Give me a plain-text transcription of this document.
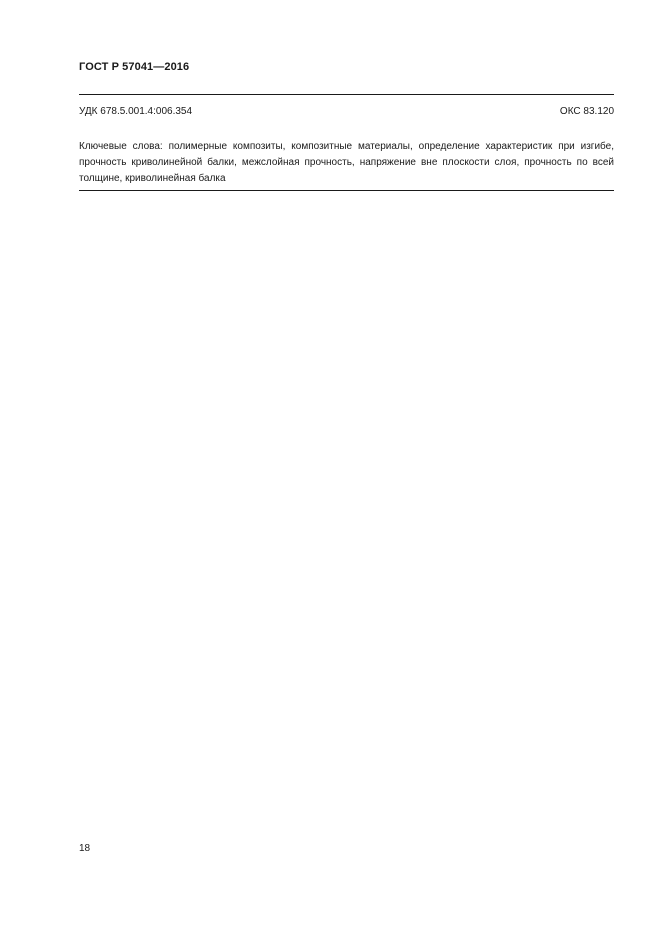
ГОСТ Р 57041—2016
УДК 678.5.001.4:006.354	ОКС 83.120
Ключевые слова: полимерные композиты, композитные материалы, определение характеристик при изгибе, прочность криволинейной балки, межслойная прочность, напряжение вне плоскости слоя, прочность по всей толщине, криволинейная балка
18
